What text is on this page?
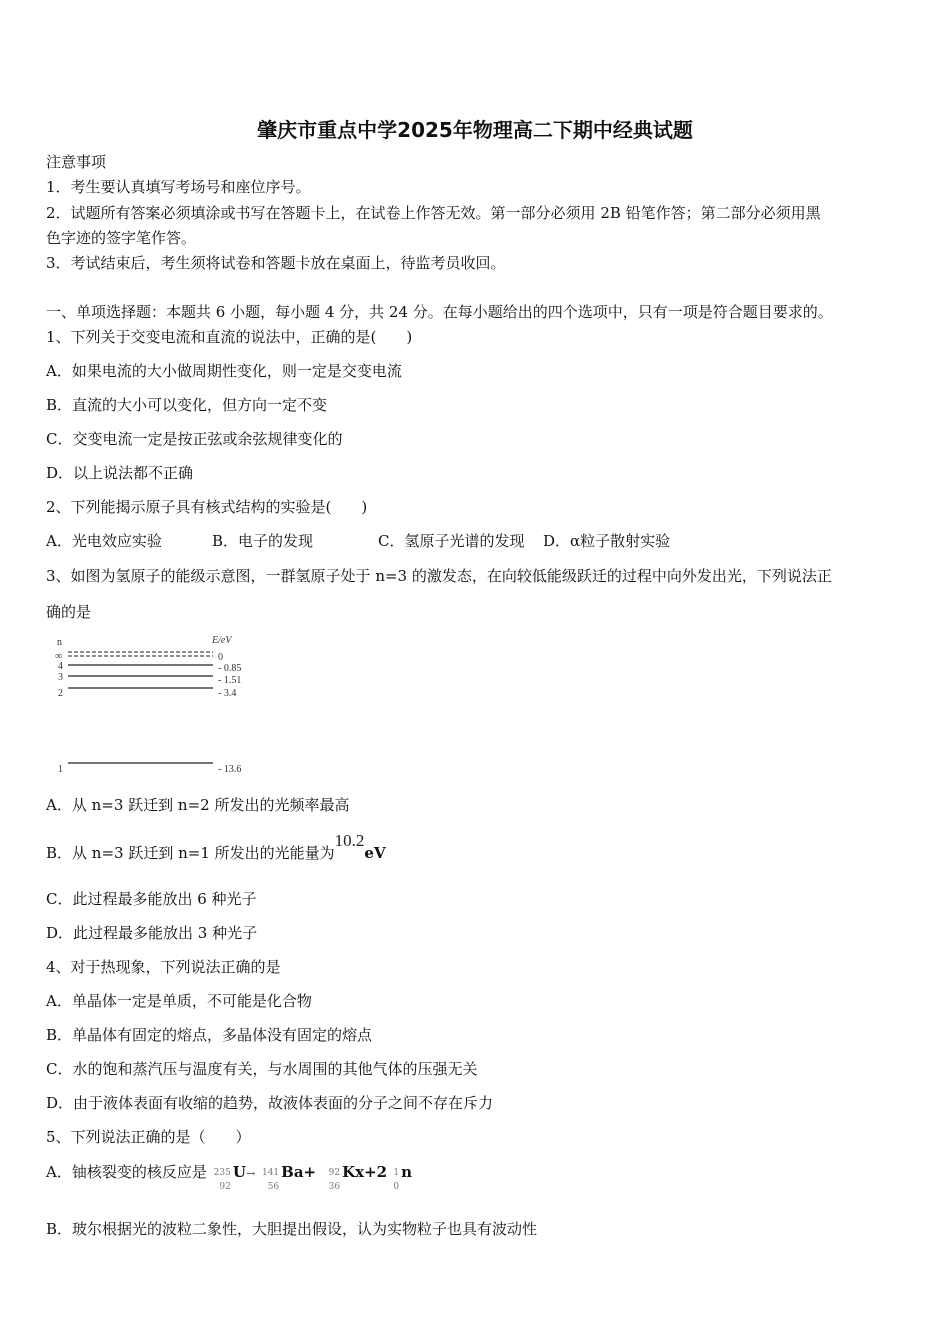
肇庆市重点中学2025年物理高二下期中经典试题
注意事项
1．考生要认真填写考场号和座位序号。
2．试题所有答案必须填涂或书写在答题卡上，在试卷上作答无效。第一部分必须用 2B 铅笔作答；第二部分必须用黑
色字迹的签字笔作答。
3．考试结束后，考生须将试卷和答题卡放在桌面上，待监考员收回。
一、单项选择题：本题共 6 小题，每小题 4 分，共 24 分。在每小题给出的四个选项中，只有一项是符合题目要求的。
1、下列关于交变电流和直流的说法中，正确的是(　　)
A．如果电流的大小做周期性变化，则一定是交变电流
B．直流的大小可以变化，但方向一定不变
C．交变电流一定是按正弦或余弦规律变化的
D．以上说法都不正确
2、下列能揭示原子具有核式结构的实验是(　　)
A．光电效应实验	B．电子的发现	C．氢原子光谱的发现 D．α粒子散射实验
3、如图为氢原子的能级示意图，一群氢原子处于 n=3 的激发态，在向较低能级跃迁的过程中向外发出光，下列说法正
确的是
n	E/eV
∞	0
4	- 0.85
3	- 1.51
2	- 3.4
1	- 13.6
A．从 n=3 跃迁到 n=2 所发出的光频率最高
B．从 n=3 跃迁到 n=1 所发出的光能量为10.2eV
C．此过程最多能放出 6 种光子
D．此过程最多能放出 3 种光子
4、对于热现象，下列说法正确的是
A．单晶体一定是单质，不可能是化合物
B．单晶体有固定的熔点，多晶体没有固定的熔点
C．水的饱和蒸汽压与温度有关，与水周围的其他气体的压强无关
D．由于液体表面有收缩的趋势，故液体表面的分子之间不存在斥力
5、下列说法正确的是（　　）
A．铀核裂变的核反应是 235
92
U→ 141
56
Ba+ 92
36
Kx+2 1
0
n
B．玻尔根据光的波粒二象性，大胆提出假设，认为实物粒子也具有波动性
